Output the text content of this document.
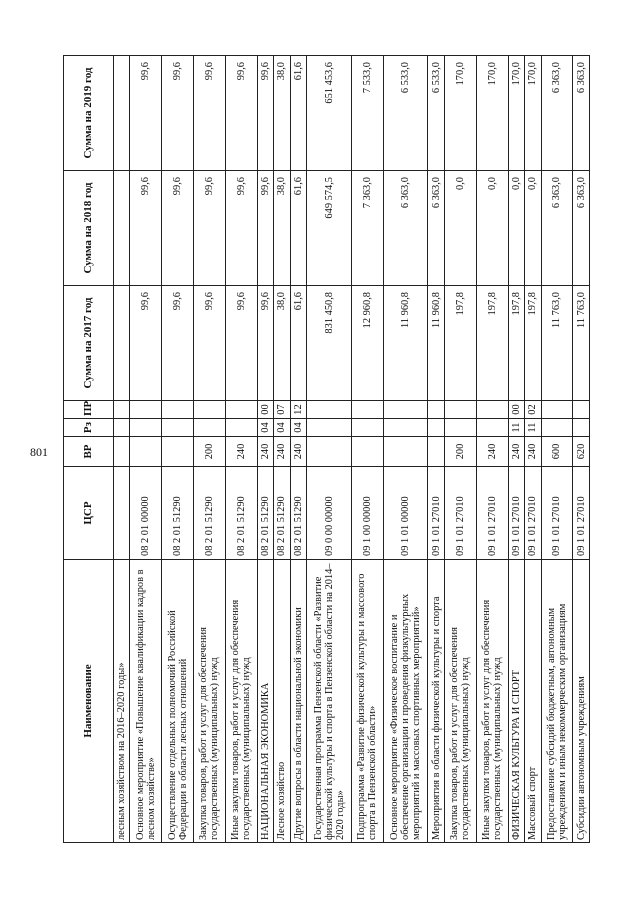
801
Наименование	ЦСР	ВР	Рз	ПР	Сумма на 2017 год	Сумма на 2018 год	Сумма на 2019 год
лесным хозяйством на 2016–2020 годы»							
Основное мероприятие «Повышение квалификации кадров в лесном хозяйстве»	08 2 01 00000				99,6	99,6	99,6
Осуществление отдельных полномочий Российской Федерации в области лесных отношений	08 2 01 51290				99,6	99,6	99,6
Закупка товаров, работ и услуг для обеспечения государственных (муниципальных) нужд	08 2 01 51290	200			99,6	99,6	99,6
Иные закупки товаров, работ и услуг для обеспечения государственных (муниципальных) нужд	08 2 01 51290	240			99,6	99,6	99,6
НАЦИОНАЛЬНАЯ ЭКОНОМИКА	08 2 01 51290	240	04	00	99,6	99,6	99,6
Лесное хозяйство	08 2 01 51290	240	04	07	38,0	38,0	38,0
Другие вопросы в области национальной экономики	08 2 01 51290	240	04	12	61,6	61,6	61,6
Государственная программа Пензенской области «Развитие физической культуры и спорта в Пензенской области на 2014–2020 годы»	09 0 00 00000				831 450,8	649 574,5	651 453,6
Подпрограмма «Развитие физической культуры и массового спорта в Пензенской области»	09 1 00 00000				12 960,8	7 363,0	7 533,0
Основное мероприятие «Физическое воспитание и обеспечение организации и проведения физкультурных мероприятий и массовых спортивных мероприятий»	09 1 01 00000				11 960,8	6 363,0	6 533,0
Мероприятия в области физической культуры и спорта	09 1 01 27010				11 960,8	6 363,0	6 533,0
Закупка товаров, работ и услуг для обеспечения государственных (муниципальных) нужд	09 1 01 27010	200			197,8	0,0	170,0
Иные закупки товаров, работ и услуг для обеспечения государственных (муниципальных) нужд	09 1 01 27010	240			197,8	0,0	170,0
ФИЗИЧЕСКАЯ КУЛЬТУРА И СПОРТ	09 1 01 27010	240	11	00	197,8	0,0	170,0
Массовый спорт	09 1 01 27010	240	11	02	197,8	0,0	170,0
Предоставление субсидий бюджетным, автономным учреждениям и иным некоммерческим организациям	09 1 01 27010	600			11 763,0	6 363,0	6 363,0
Субсидии автономным учреждениям	09 1 01 27010	620			11 763,0	6 363,0	6 363,0
